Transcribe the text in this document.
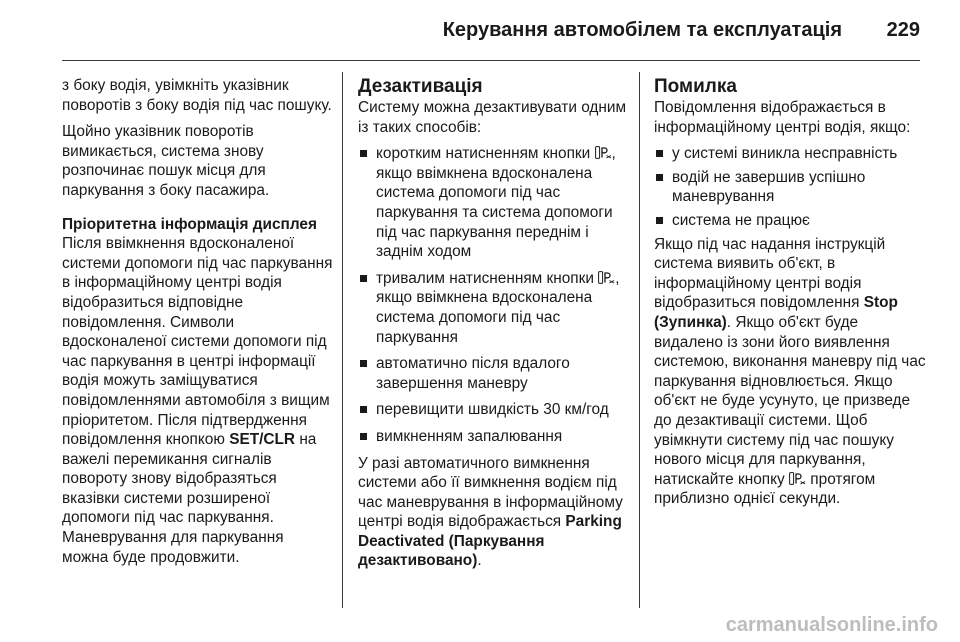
Керування автомобілем та експлуатація 229

з боку водія, увімкніть указівник поворотів з боку водія під час пошуку.

Щойно указівник поворотів вимикається, система знову розпочинає пошук місця для паркування з боку пасажира.

Пріоритетна інформація дисплея

Після ввімкнення вдосконаленої системи допомоги під час паркування в інформаційному центрі водія відобразиться відповідне повідомлення. Символи вдосконаленої системи допомоги під час паркування в центрі інформації водія можуть заміщуватися повідомленнями автомобіля з вищим пріоритетом. Після підтвердження повідомлення кнопкою SET/CLR на важелі перемикання сигналів повороту знову відобразяться вказівки системи розширеної допомоги під час паркування. Маневрування для паркування можна буде продовжити.

Дезактивація

Систему можна дезактивувати одним із таких способів:

коротким натисненням кнопки , якщо ввімкнена вдосконалена система допомоги під час паркування та система допомоги під час паркування переднім і заднім ходом
тривалим натисненням кнопки , якщо ввімкнена вдосконалена система допомоги під час паркування
автоматично після вдалого завершення маневру
перевищити швидкість 30 км/год
вимкненням запалювання

У разі автоматичного вимкнення системи або її вимкнення водієм під час маневрування в інформаційному центрі водія відображається Parking Deactivated (Паркування дезактивовано).

Помилка

Повідомлення відображається в інформаційному центрі водія, якщо:

у системі виникла несправність
водій не завершив успішно маневрування
система не працює

Якщо під час надання інструкцій система виявить об'єкт, в інформаційному центрі водія відобразиться повідомлення Stop (Зупинка). Якщо об'єкт буде видалено із зони його виявлення системою, виконання маневру під час паркування відновлюється. Якщо об'єкт не буде усунуто, це призведе до дезактивації системи. Щоб увімкнути систему під час пошуку нового місця для паркування, натискайте кнопку протягом приблизно однієї секунди.

carmanualsonline.info
